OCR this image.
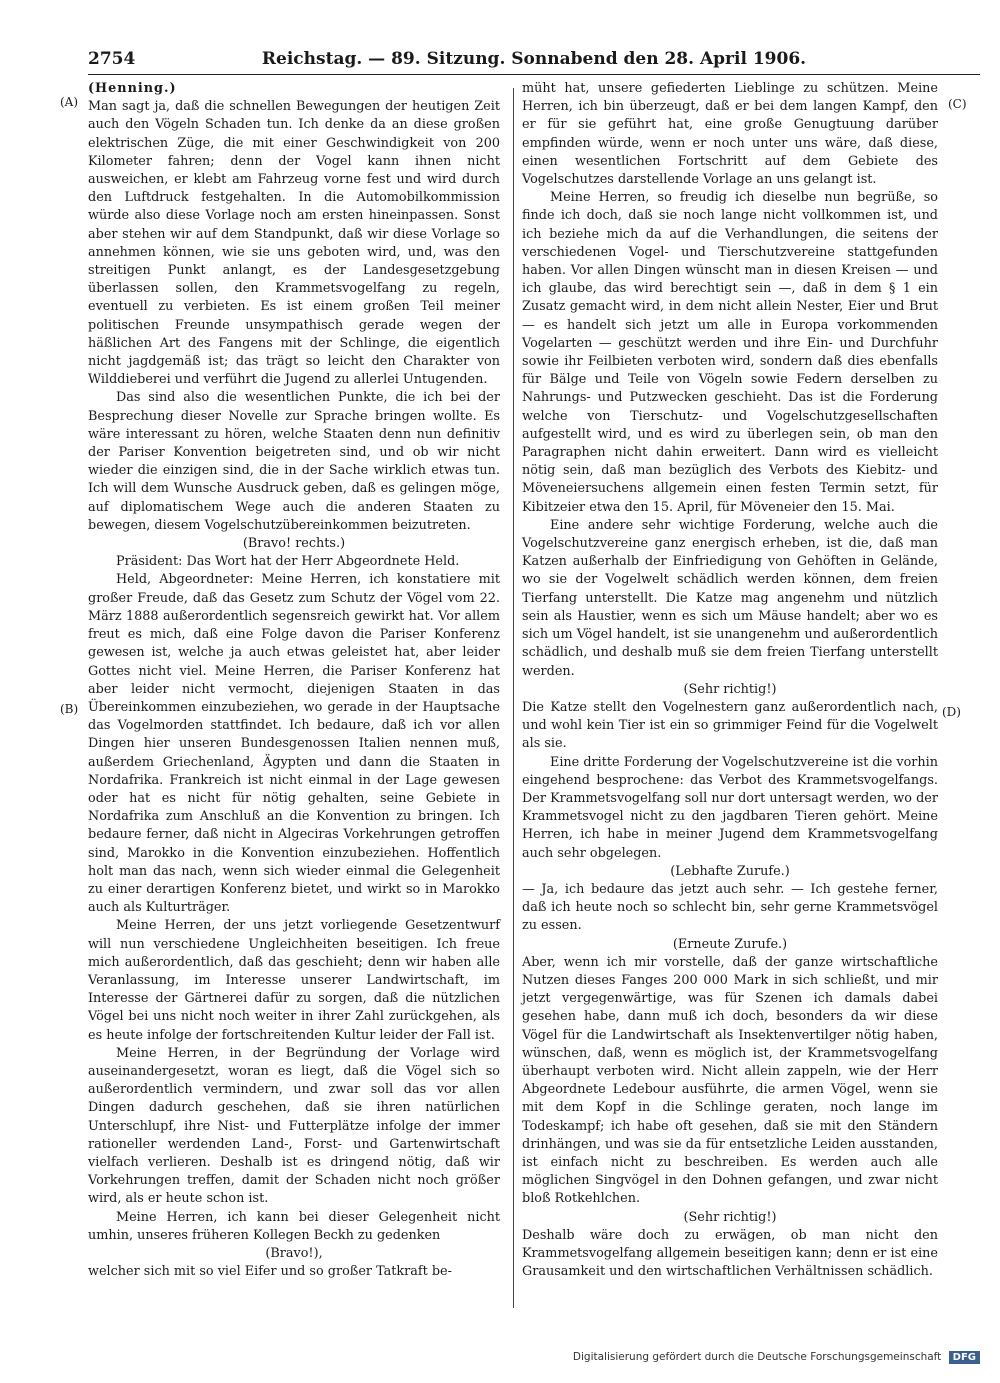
2754	Reichstag. — 89. Sitzung. Sonnabend den 28. April 1906.
(A)
(B)
(C)
(D)

(Henning.)

Man sagt ja, daß die schnellen Bewegungen der heutigen Zeit auch den Vögeln Schaden tun. Ich denke da an diese großen elektrischen Züge, die mit einer Geschwindigkeit von 200 Kilometer fahren; denn der Vogel kann ihnen nicht ausweichen, er klebt am Fahrzeug vorne fest und wird durch den Luftdruck festgehalten. In die Automobilkommission würde also diese Vorlage noch am ersten hineinpassen. Sonst aber stehen wir auf dem Standpunkt, daß wir diese Vorlage so annehmen können, wie sie uns geboten wird, und, was den streitigen Punkt anlangt, es der Landesgesetzgebung überlassen sollen, den Krammetsvogelfang zu regeln, eventuell zu verbieten. Es ist einem großen Teil meiner politischen Freunde unsympathisch gerade wegen der häßlichen Art des Fangens mit der Schlinge, die eigentlich nicht jagdgemäß ist; das trägt so leicht den Charakter von Wilddieberei und verführt die Jugend zu allerlei Untugenden.

Das sind also die wesentlichen Punkte, die ich bei der Besprechung dieser Novelle zur Sprache bringen wollte. Es wäre interessant zu hören, welche Staaten denn nun definitiv der Pariser Konvention beigetreten sind, und ob wir nicht wieder die einzigen sind, die in der Sache wirklich etwas tun. Ich will dem Wunsche Ausdruck geben, daß es gelingen möge, auf diplomatischem Wege auch die anderen Staaten zu bewegen, diesem Vogelschutzübereinkommen beizutreten.

(Bravo! rechts.)

Präsident: Das Wort hat der Herr Abgeordnete Held.

Held, Abgeordneter: Meine Herren, ich konstatiere mit großer Freude, daß das Gesetz zum Schutz der Vögel vom 22. März 1888 außerordentlich segensreich gewirkt hat. Vor allem freut es mich, daß eine Folge davon die Pariser Konferenz gewesen ist, welche ja auch etwas geleistet hat, aber leider Gottes nicht viel. Meine Herren, die Pariser Konferenz hat aber leider nicht vermocht, diejenigen Staaten in das Übereinkommen einzubeziehen, wo gerade in der Hauptsache das Vogelmorden stattfindet. Ich bedaure, daß ich vor allen Dingen hier unseren Bundesgenossen Italien nennen muß, außerdem Griechenland, Ägypten und dann die Staaten in Nordafrika. Frankreich ist nicht einmal in der Lage gewesen oder hat es nicht für nötig gehalten, seine Gebiete in Nordafrika zum Anschluß an die Konvention zu bringen. Ich bedaure ferner, daß nicht in Algeciras Vorkehrungen getroffen sind, Marokko in die Konvention einzubeziehen. Hoffentlich holt man das nach, wenn sich wieder einmal die Gelegenheit zu einer derartigen Konferenz bietet, und wirkt so in Marokko auch als Kulturträger.

Meine Herren, der uns jetzt vorliegende Gesetzentwurf will nun verschiedene Ungleichheiten beseitigen. Ich freue mich außerordentlich, daß das geschieht; denn wir haben alle Veranlassung, im Interesse unserer Landwirtschaft, im Interesse der Gärtnerei dafür zu sorgen, daß die nützlichen Vögel bei uns nicht noch weiter in ihrer Zahl zurückgehen, als es heute infolge der fortschreitenden Kultur leider der Fall ist.

Meine Herren, in der Begründung der Vorlage wird auseinandergesetzt, woran es liegt, daß die Vögel sich so außerordentlich vermindern, und zwar soll das vor allen Dingen dadurch geschehen, daß sie ihren natürlichen Unterschlupf, ihre Nist- und Futterplätze infolge der immer rationeller werdenden Land-, Forst- und Gartenwirtschaft vielfach verlieren. Deshalb ist es dringend nötig, daß wir Vorkehrungen treffen, damit der Schaden nicht noch größer wird, als er heute schon ist.

Meine Herren, ich kann bei dieser Gelegenheit nicht umhin, unseres früheren Kollegen Beckh zu gedenken

(Bravo!),

welcher sich mit so viel Eifer und so großer Tatkraft be-

müht hat, unsere gefiederten Lieblinge zu schützen. Meine Herren, ich bin überzeugt, daß er bei dem langen Kampf, den er für sie geführt hat, eine große Genugtuung darüber empfinden würde, wenn er noch unter uns wäre, daß diese, einen wesentlichen Fortschritt auf dem Gebiete des Vogelschutzes darstellende Vorlage an uns gelangt ist.

Meine Herren, so freudig ich dieselbe nun begrüße, so finde ich doch, daß sie noch lange nicht vollkommen ist, und ich beziehe mich da auf die Verhandlungen, die seitens der verschiedenen Vogel- und Tierschutzvereine stattgefunden haben. Vor allen Dingen wünscht man in diesen Kreisen — und ich glaube, das wird berechtigt sein —, daß in dem § 1 ein Zusatz gemacht wird, in dem nicht allein Nester, Eier und Brut — es handelt sich jetzt um alle in Europa vorkommenden Vogelarten — geschützt werden und ihre Ein- und Durchfuhr sowie ihr Feilbieten verboten wird, sondern daß dies ebenfalls für Bälge und Teile von Vögeln sowie Federn derselben zu Nahrungs- und Putzwecken geschieht. Das ist die Forderung welche von Tierschutz- und Vogelschutzgesellschaften aufgestellt wird, und es wird zu überlegen sein, ob man den Paragraphen nicht dahin erweitert. Dann wird es vielleicht nötig sein, daß man bezüglich des Verbots des Kiebitz- und Möveneiersuchens allgemein einen festen Termin setzt, für Kibitzeier etwa den 15. April, für Möveneier den 15. Mai.

Eine andere sehr wichtige Forderung, welche auch die Vogelschutzvereine ganz energisch erheben, ist die, daß man Katzen außerhalb der Einfriedigung von Gehöften in Gelände, wo sie der Vogelwelt schädlich werden können, dem freien Tierfang unterstellt. Die Katze mag angenehm und nützlich sein als Haustier, wenn es sich um Mäuse handelt; aber wo es sich um Vögel handelt, ist sie unangenehm und außerordentlich schädlich, und deshalb muß sie dem freien Tierfang unterstellt werden.

(Sehr richtig!)

Die Katze stellt den Vogelnestern ganz außerordentlich nach, und wohl kein Tier ist ein so grimmiger Feind für die Vogelwelt als sie.

Eine dritte Forderung der Vogelschutzvereine ist die vorhin eingehend besprochene: das Verbot des Krammetsvogelfangs. Der Krammetsvogelfang soll nur dort untersagt werden, wo der Krammetsvogel nicht zu den jagdbaren Tieren gehört. Meine Herren, ich habe in meiner Jugend dem Krammetsvogelfang auch sehr obgelegen.

(Lebhafte Zurufe.)

— Ja, ich bedaure das jetzt auch sehr. — Ich gestehe ferner, daß ich heute noch so schlecht bin, sehr gerne Krammetsvögel zu essen.

(Erneute Zurufe.)

Aber, wenn ich mir vorstelle, daß der ganze wirtschaftliche Nutzen dieses Fanges 200 000 Mark in sich schließt, und mir jetzt vergegenwärtige, was für Szenen ich damals dabei gesehen habe, dann muß ich doch, besonders da wir diese Vögel für die Landwirtschaft als Insektenvertilger nötig haben, wünschen, daß, wenn es möglich ist, der Krammetsvogelfang überhaupt verboten wird. Nicht allein zappeln, wie der Herr Abgeordnete Ledebour ausführte, die armen Vögel, wenn sie mit dem Kopf in die Schlinge geraten, noch lange im Todeskampf; ich habe oft gesehen, daß sie mit den Ständern drinhängen, und was sie da für entsetzliche Leiden ausstanden, ist einfach nicht zu beschreiben. Es werden auch alle möglichen Singvögel in den Dohnen gefangen, und zwar nicht bloß Rotkehlchen.

(Sehr richtig!)

Deshalb wäre doch zu erwägen, ob man nicht den Krammetsvogelfang allgemein beseitigen kann; denn er ist eine Grausamkeit und den wirtschaftlichen Verhältnissen schädlich.

Digitalisierung gefördert durch die Deutsche Forschungsgemeinschaft DFG
